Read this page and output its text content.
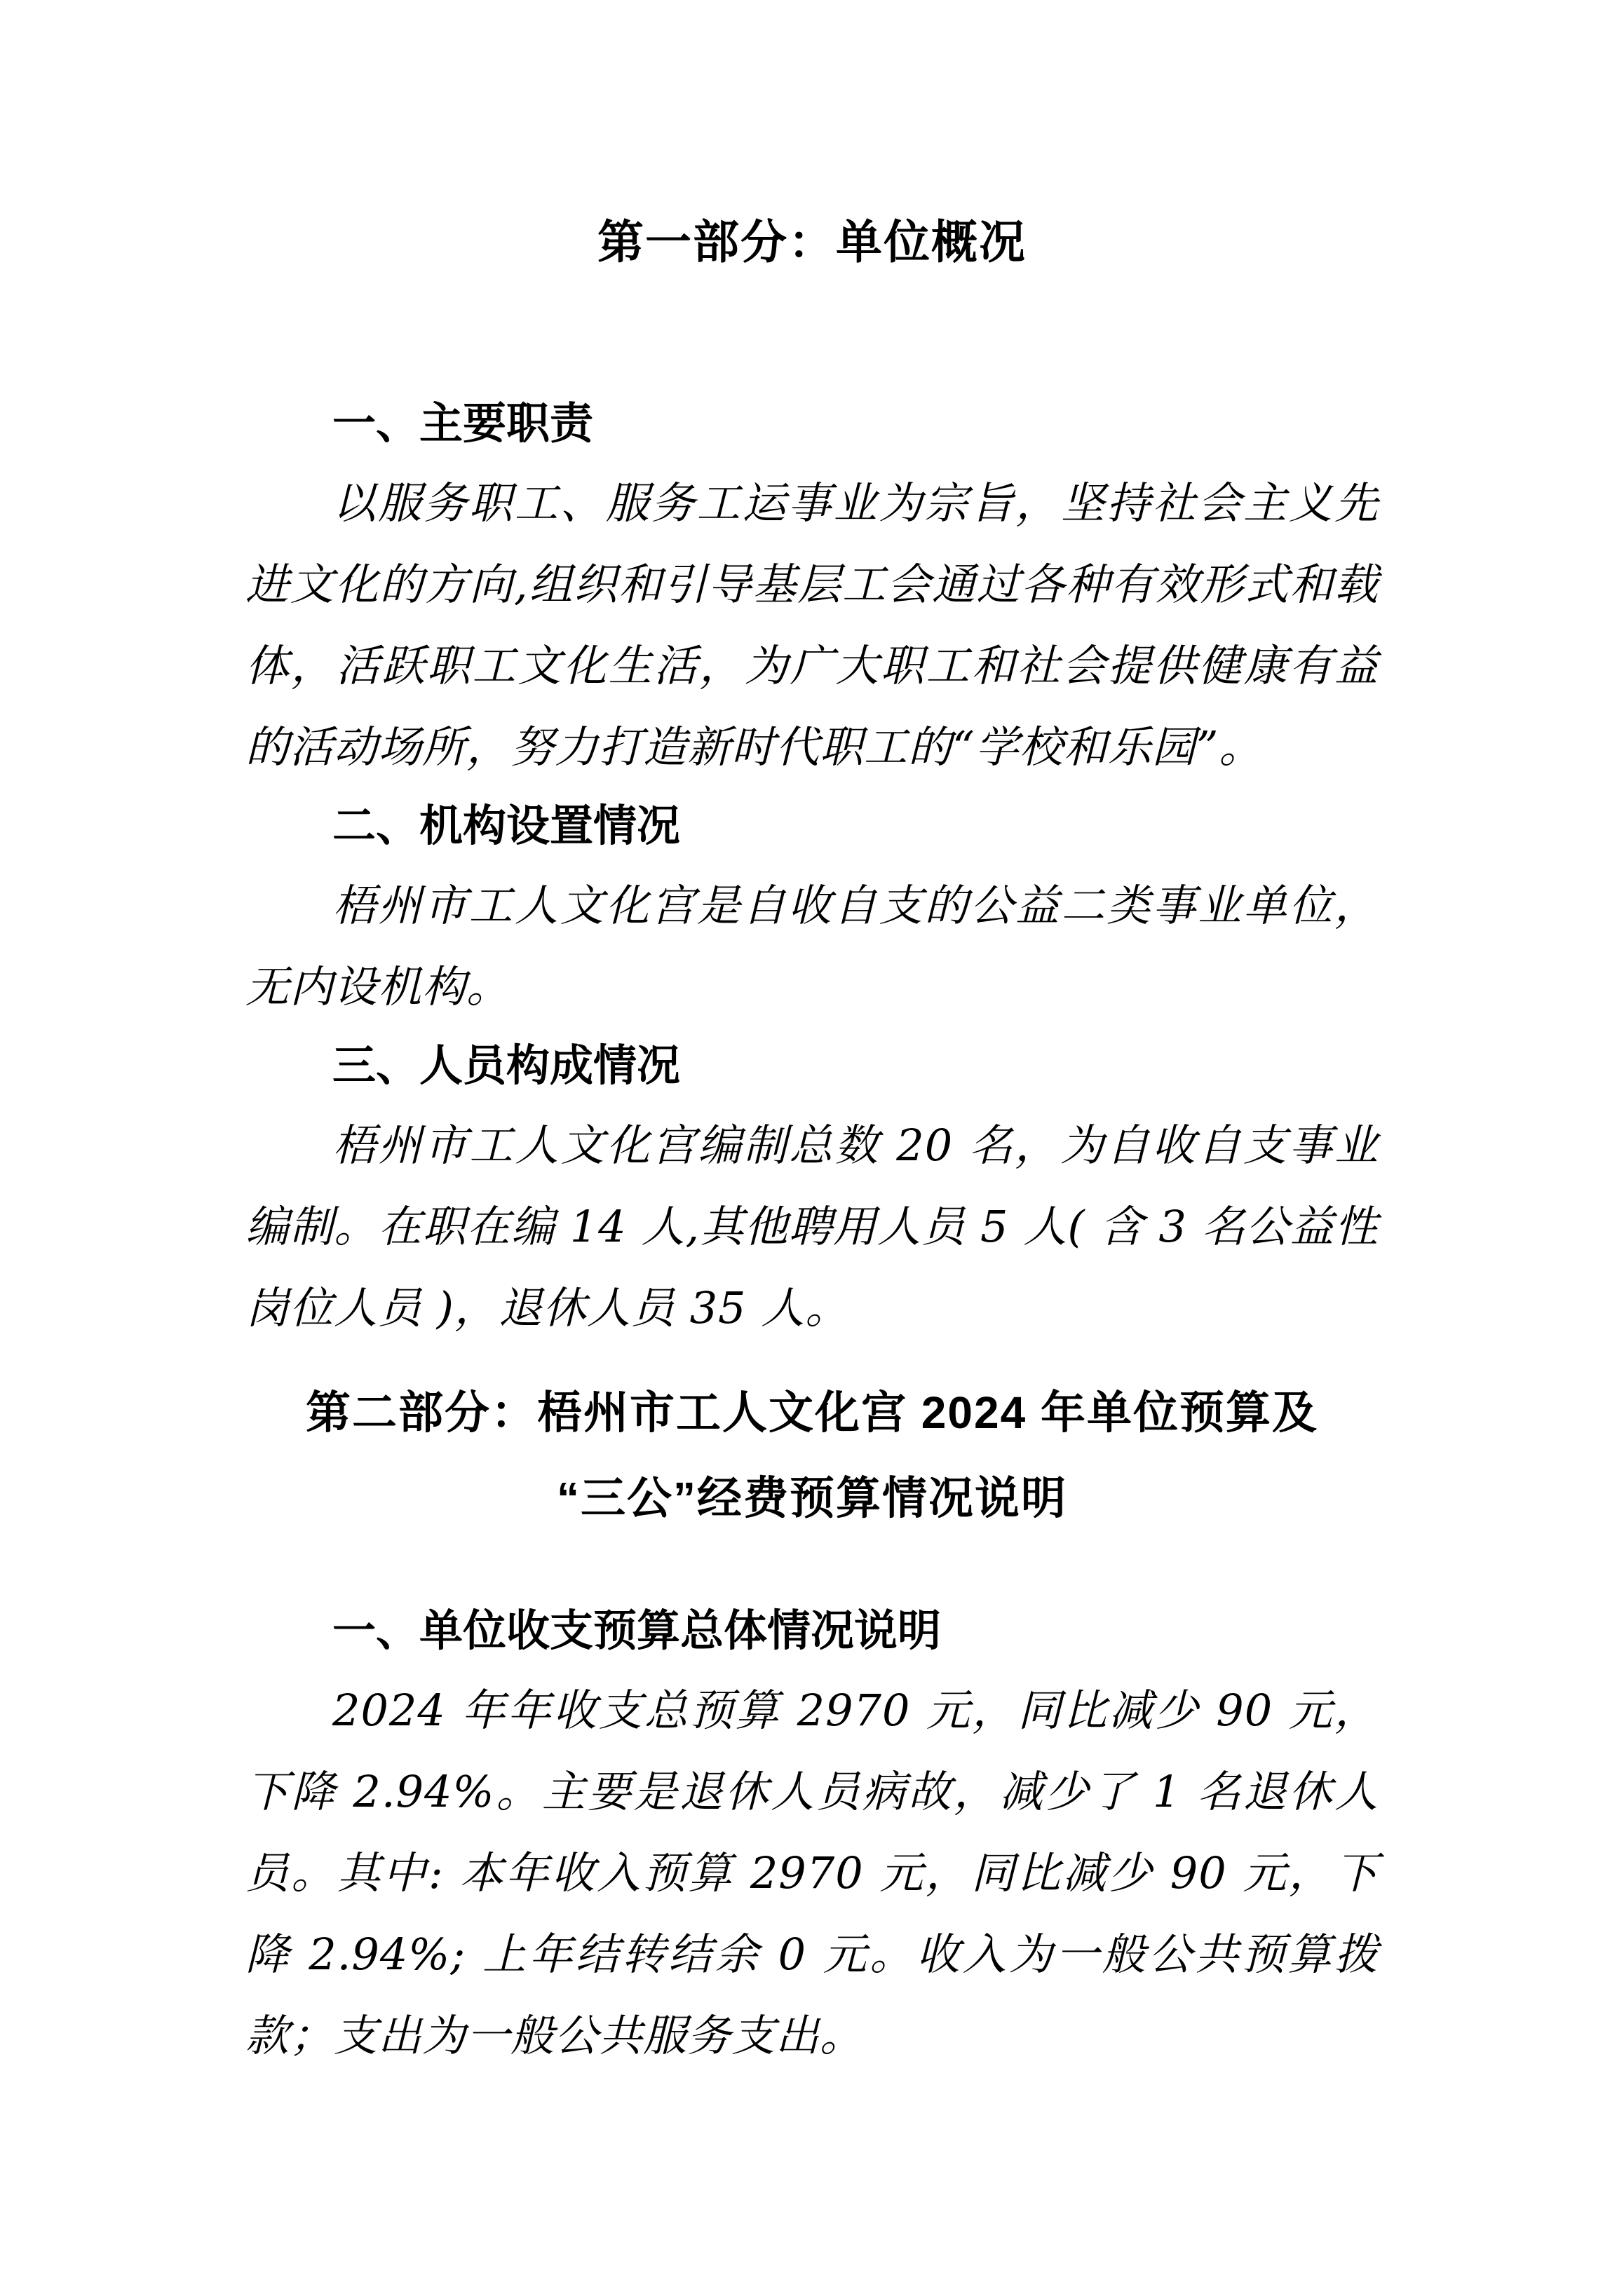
第一部分：单位概况
一、主要职责

以服务职工、服务工运事业为宗旨，坚持社会主义先进文化的方向,组织和引导基层工会通过各种有效形式和载体，活跃职工文化生活，为广大职工和社会提供健康有益的活动场所，努力打造新时代职工的“学校和乐园”。

二、机构设置情况

梧州市工人文化宫是自收自支的公益二类事业单位，无内设机构。

三、人员构成情况

梧州市工人文化宫编制总数 20 名，为自收自支事业编制。在职在编 14 人,其他聘用人员 5 人( 含 3 名公益性岗位人员 )，退休人员 35 人。

第二部分：梧州市工人文化宫 2024 年单位预算及
“三公”经费预算情况说明
一、单位收支预算总体情况说明

2024 年年收支总预算 2970 元，同比减少 90 元，下降 2.94%。主要是退休人员病故，减少了 1 名退休人员。其中: 本年收入预算 2970 元，同比减少 90 元，下降 2.94%; 上年结转结余 0 元。收入为一般公共预算拨款；支出为一般公共服务支出。
